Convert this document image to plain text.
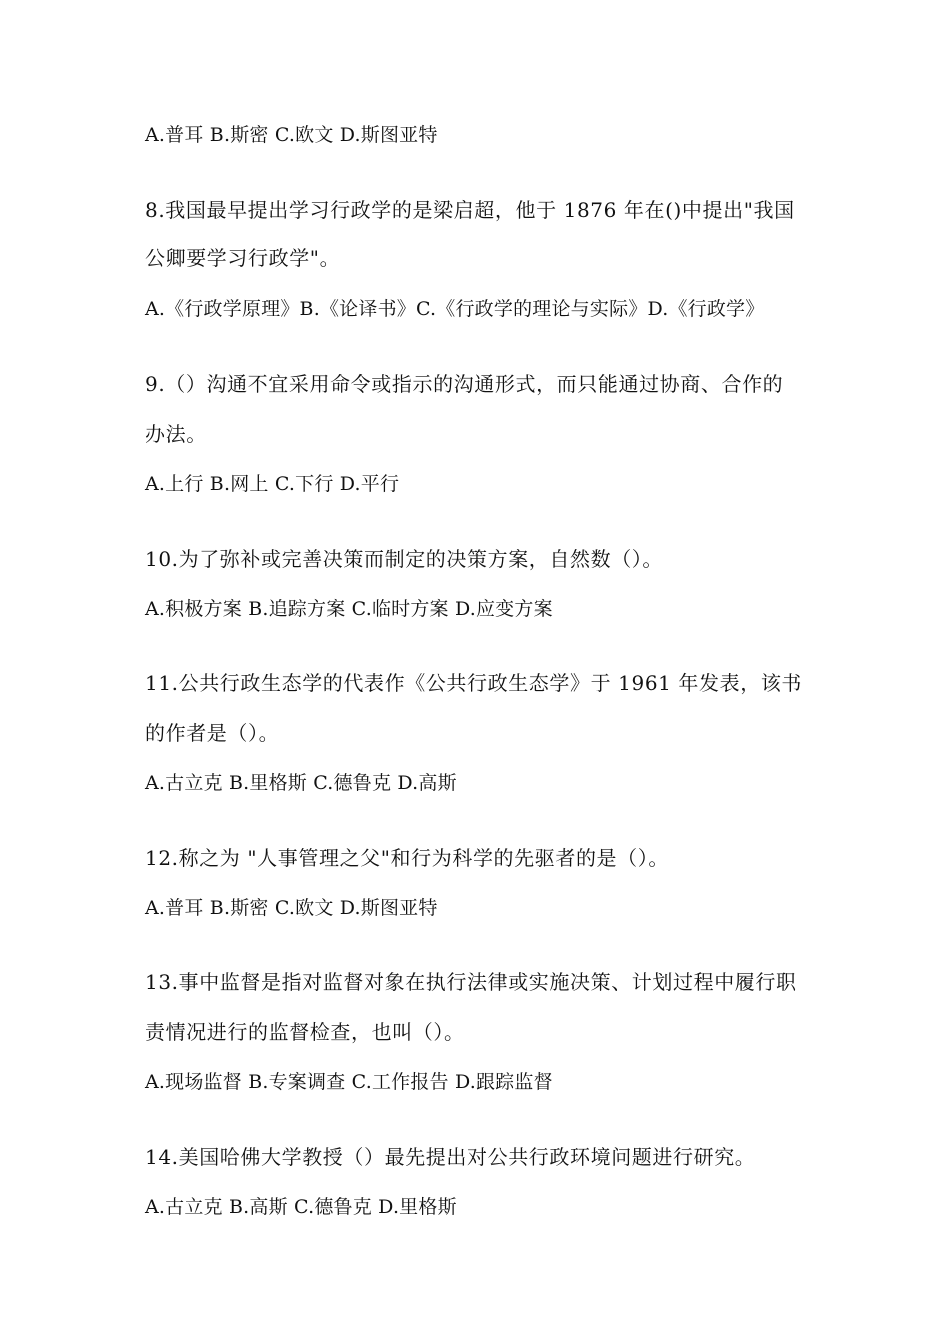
A.普耳 B.斯密 C.欧文 D.斯图亚特
8.我国最早提出学习行政学的是梁启超，他于 1876 年在()中提出"我国
公卿要学习行政学"。
A.《行政学原理》B.《论译书》C.《行政学的理论与实际》D.《行政学》
9.（）沟通不宜采用命令或指示的沟通形式，而只能通过协商、合作的
办法。
A.上行 B.网上 C.下行 D.平行
10.为了弥补或完善决策而制定的决策方案，自然数（）。
A.积极方案 B.追踪方案 C.临时方案 D.应变方案
11.公共行政生态学的代表作《公共行政生态学》于 1961 年发表，该书
的作者是（）。
A.古立克 B.里格斯 C.德鲁克 D.高斯
12.称之为 "人事管理之父"和行为科学的先驱者的是（）。
A.普耳 B.斯密 C.欧文 D.斯图亚特
13.事中监督是指对监督对象在执行法律或实施决策、计划过程中履行职
责情况进行的监督检查，也叫（）。
A.现场监督 B.专案调查 C.工作报告 D.跟踪监督
14.美国哈佛大学教授（）最先提出对公共行政环境问题进行研究。
A.古立克 B.高斯 C.德鲁克 D.里格斯
